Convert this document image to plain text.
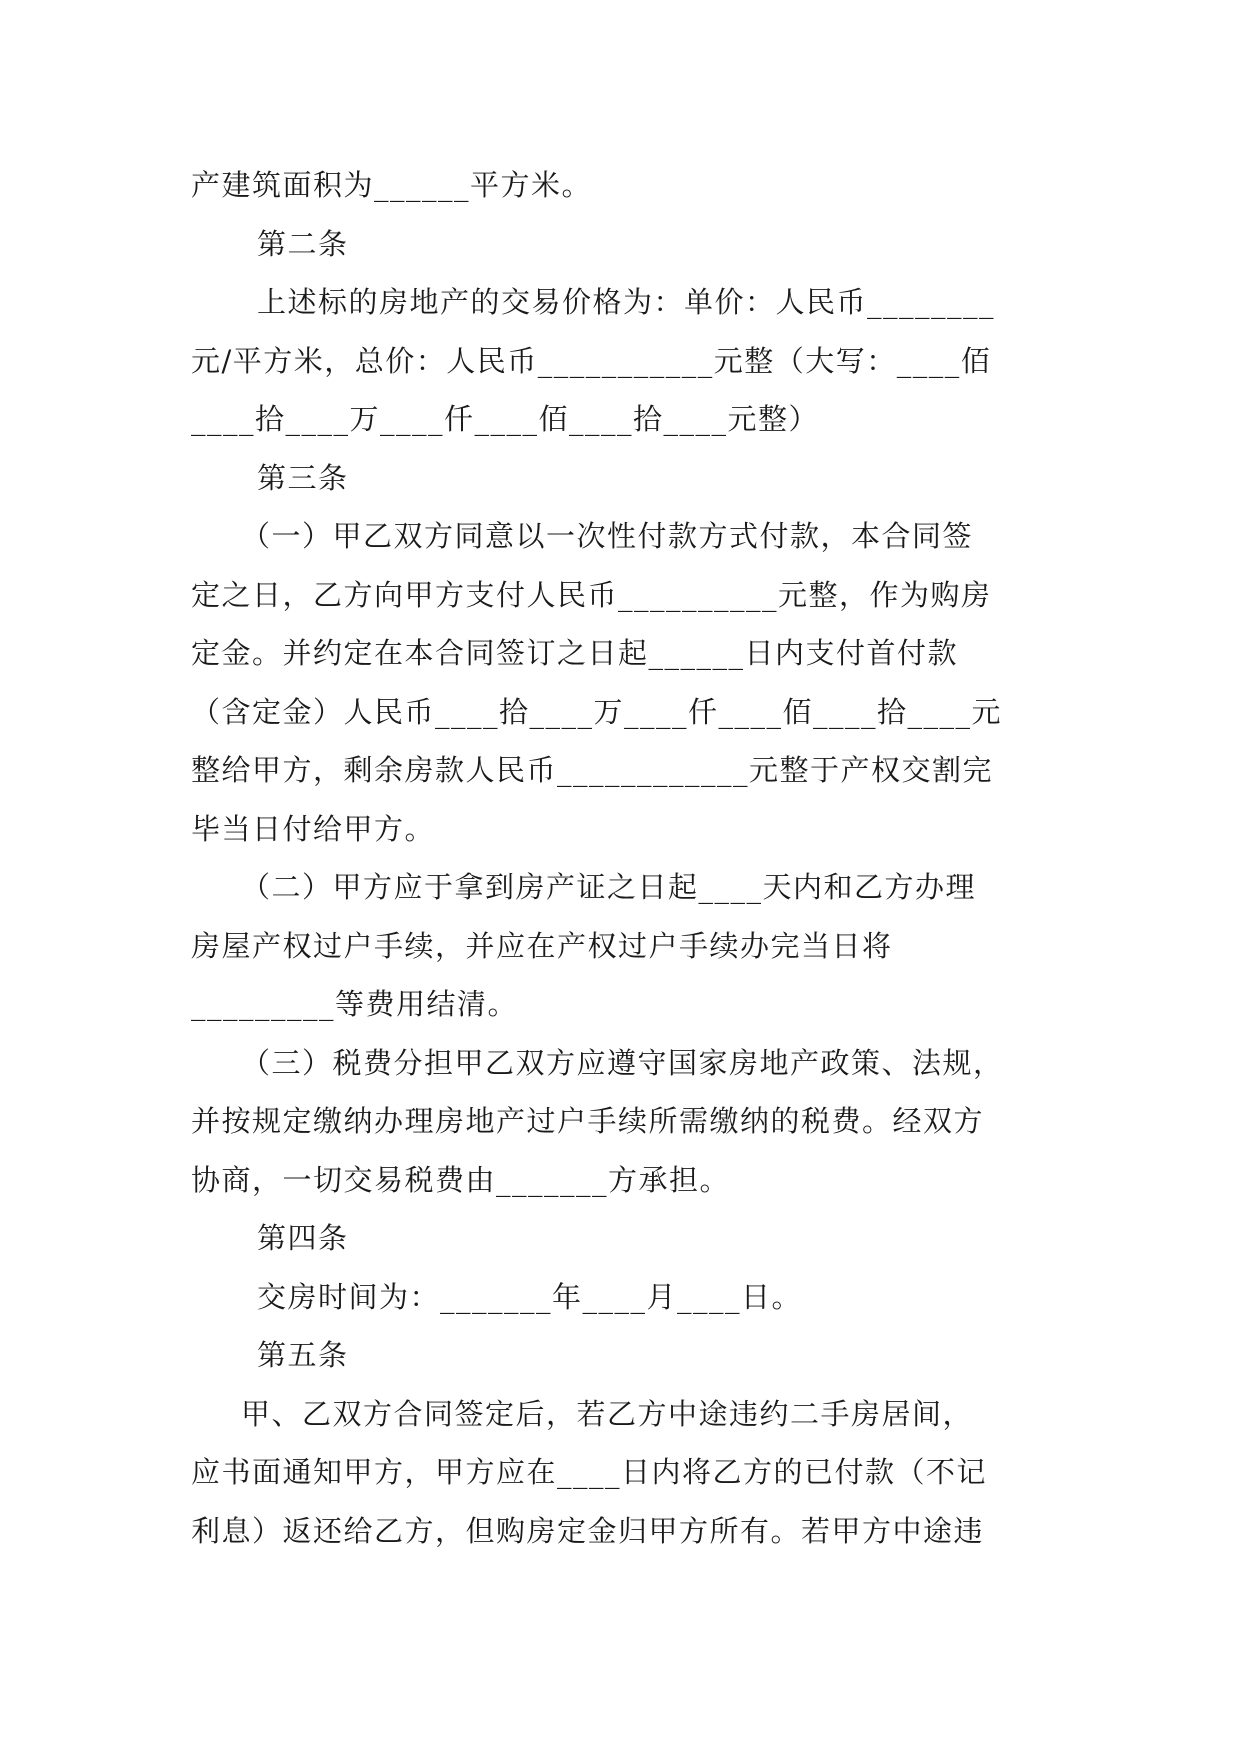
产建筑面积为______平方米。
第二条
上述标的房地产的交易价格为：单价：人民币________
元/平方米，总价：人民币___________元整（大写：____佰
____拾____万____仟____佰____拾____元整）
第三条
（一）甲乙双方同意以一次性付款方式付款，本合同签
定之日，乙方向甲方支付人民币__________元整，作为购房
定金。并约定在本合同签订之日起______日内支付首付款
（含定金）人民币____拾____万____仟____佰____拾____元
整给甲方，剩余房款人民币____________元整于产权交割完
毕当日付给甲方。
（二）甲方应于拿到房产证之日起____天内和乙方办理
房屋产权过户手续，并应在产权过户手续办完当日将
_________等费用结清。
（三）税费分担甲乙双方应遵守国家房地产政策、法规，
并按规定缴纳办理房地产过户手续所需缴纳的税费。经双方
协商，一切交易税费由_______方承担。
第四条
交房时间为：_______年____月____日。
第五条
甲、乙双方合同签定后，若乙方中途违约二手房居间，
应书面通知甲方，甲方应在____日内将乙方的已付款（不记
利息）返还给乙方，但购房定金归甲方所有。若甲方中途违
